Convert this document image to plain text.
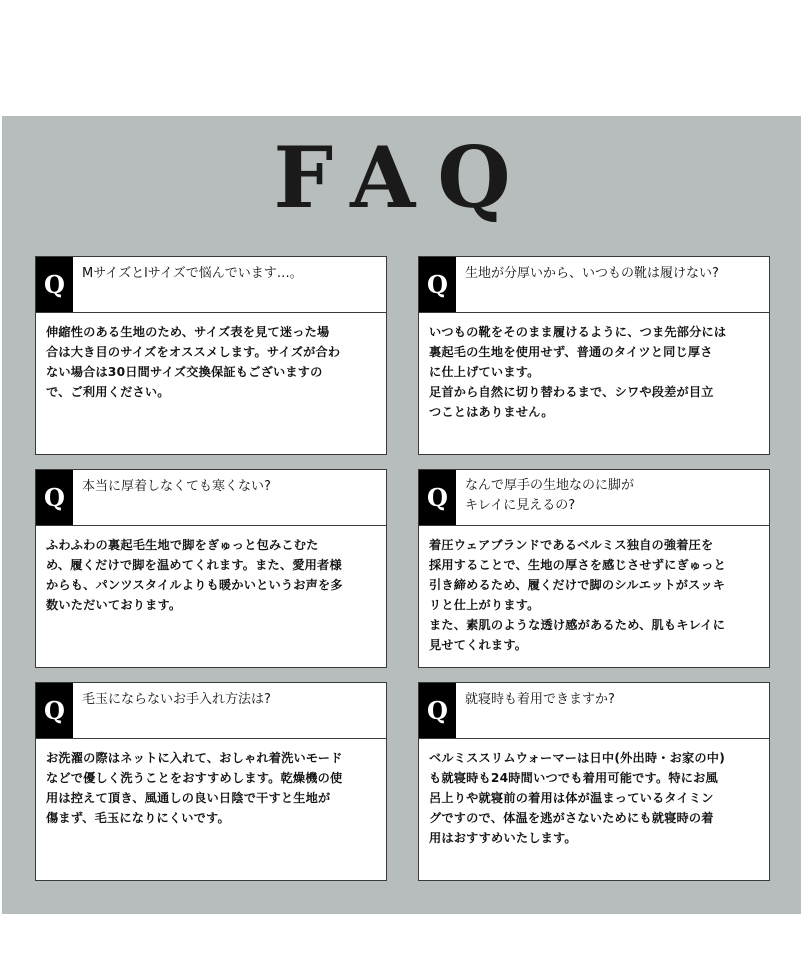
FAQ
Q	Mサイズとlサイズで悩んでいます…。
伸縮性のある生地のため、サイズ表を見て迷った場
合は大き目のサイズをオススメします。サイズが合わ
ない場合は30日間サイズ交換保証もございますの
で、ご利用ください。
Q	生地が分厚いから、いつもの靴は履けない?
いつもの靴をそのまま履けるように、つま先部分には
裏起毛の生地を使用せず、普通のタイツと同じ厚さ
に仕上げています。
足首から自然に切り替わるまで、シワや段差が目立
つことはありません。
Q	本当に厚着しなくても寒くない?
ふわふわの裏起毛生地で脚をぎゅっと包みこむた
め、履くだけで脚を温めてくれます。また、愛用者様
からも、パンツスタイルよりも暖かいというお声を多
数いただいております。
Q	なんで厚手の生地なのに脚が
キレイに見えるの?
着圧ウェアブランドであるベルミス独自の強着圧を
採用することで、生地の厚さを感じさせずにぎゅっと
引き締めるため、履くだけで脚のシルエットがスッキ
リと仕上がります。
また、素肌のような透け感があるため、肌もキレイに
見せてくれます。
Q	毛玉にならないお手入れ方法は?
お洗濯の際はネットに入れて、おしゃれ着洗いモード
などで優しく洗うことをおすすめします。乾燥機の使
用は控えて頂き、風通しの良い日陰で干すと生地が
傷まず、毛玉になりにくいです。
Q	就寝時も着用できますか?
ベルミススリムウォーマーは日中(外出時・お家の中)
も就寝時も24時間いつでも着用可能です。特にお風
呂上りや就寝前の着用は体が温まっているタイミン
グですので、体温を逃がさないためにも就寝時の着
用はおすすめいたします。
